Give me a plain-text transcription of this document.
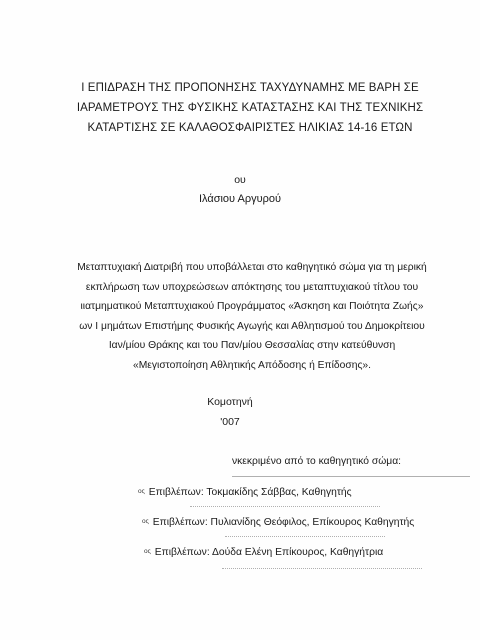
Ι ΕΠΙΔΡΑΣΗ ΤΗΣ ΠΡΟΠΟΝΗΣΗΣ ΤΑΧΥΔΥΝΑΜΗΣ ΜΕ ΒΑΡΗ ΣΕ
ΙΑΡΑΜΕΤΡΟΥΣ ΤΗΣ ΦΥΣΙΚΗΣ ΚΑΤΑΣΤΑΣΗΣ ΚΑΙ ΤΗΣ ΤΕΧΝΙΚΗΣ
ΚΑΤΑΡΤΙΣΗΣ ΣΕ ΚΑΛΑΘΟΣΦΑΙΡΙΣΤΕΣ ΗΛΙΚΙΑΣ 14-16 ΕΤΩΝ
ου
Ιλάσιου Αργυρού
Μεταπτυχιακή Διατριβή που υποβάλλεται στο καθηγητικό σώμα για τη μερική
εκπλήρωση των υποχρεώσεων απόκτησης του μεταπτυχιακού τίτλου του
ιιατμηματικού Μεταπτυχιακού Προγράμματος «Άσκηση και Ποιότητα Ζωής»
ων Ι μημάτων Επιστήμης Φυσικής Αγωγής και Αθλητισμού του Δημοκρίτειου
Ιαν/μίου Θράκης και του Παν/μίου Θεσσαλίας στην κατεύθυνση
«Μεγιστοποίηση Αθλητικής Απόδοσης ή Επίδοσης».
Κομοτηνή
'007
νκεκριμένο από το καθηγητικό σώμα:
ος Επιβλέπων: Τοκμακίδης Σάββας, Καθηγητής
ος Επιβλέπων: Πυλιανίδης Θεόφιλος, Επίκουρος Καθηγητής
ος Επιβλέπων: Δούδα Ελένη Επίκουρος, Καθηγήτρια
